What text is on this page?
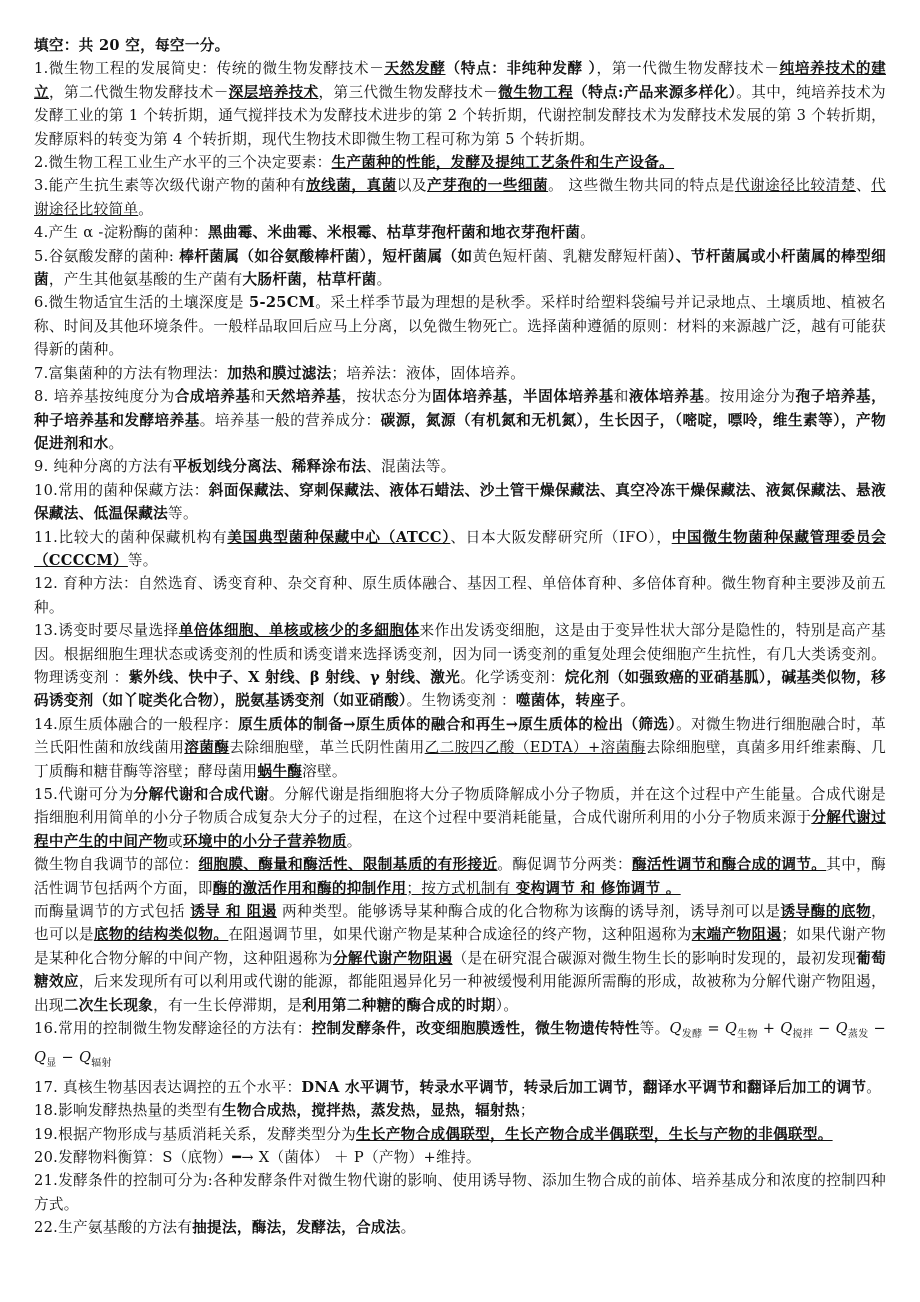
填空：共 20 空，每空一分。

1.微生物工程的发展简史：传统的微生物发酵技术－天然发酵（特点：非纯种发酵 ），第一代微生物发酵技术－纯培养技术的建立，第二代微生物发酵技术－深层培养技术，第三代微生物发酵技术－微生物工程（特点:产品来源多样化）。其中，纯培养技术为发酵工业的第 1 个转折期，通气搅拌技术为发酵技术进步的第 2 个转折期，代谢控制发酵技术为发酵技术发展的第 3 个转折期，发酵原料的转变为第 4 个转折期，现代生物技术即微生物工程可称为第 5 个转折期。

2.微生物工程工业生产水平的三个决定要素：生产菌种的性能，发酵及提纯工艺条件和生产设备。

3.能产生抗生素等次级代谢产物的菌种有放线菌，真菌以及产芽孢的一些细菌。 这些微生物共同的特点是代谢途径比较清楚、代谢途径比较简单。

4.产生 α -淀粉酶的菌种：黑曲霉、米曲霉、米根霉、枯草芽孢杆菌和地衣芽孢杆菌。

5.谷氨酸发酵的菌种: 棒杆菌属（如谷氨酸棒杆菌），短杆菌属（如黄色短杆菌、乳糖发酵短杆菌）、节杆菌属或小杆菌属的棒型细菌，产生其他氨基酸的生产菌有大肠杆菌，枯草杆菌。

6.微生物适宜生活的土壤深度是 5-25CM。采土样季节最为理想的是秋季。采样时给塑料袋编号并记录地点、土壤质地、植被名称、时间及其他环境条件。一般样品取回后应马上分离，以免微生物死亡。选择菌种遵循的原则：材料的来源越广泛，越有可能获得新的菌种。

7.富集菌种的方法有物理法：加热和膜过滤法；培养法：液体，固体培养。

8. 培养基按纯度分为合成培养基和天然培养基，按状态分为固体培养基，半固体培养基和液体培养基。按用途分为孢子培养基，种子培养基和发酵培养基。培养基一般的营养成分：碳源，氮源（有机氮和无机氮），生长因子，（嘧啶，嘌呤，维生素等），产物促进剂和水。

9. 纯种分离的方法有平板划线分离法、稀释涂布法、混菌法等。

10.常用的菌种保藏方法：斜面保藏法、穿刺保藏法、液体石蜡法、沙土管干燥保藏法、真空冷冻干燥保藏法、液氮保藏法、悬液保藏法、低温保藏法等。

11.比较大的菌种保藏机构有美国典型菌种保藏中心（ATCC）、日本大阪发酵研究所（IFO），中国微生物菌种保藏管理委员会（CCCCM）等。

12. 育种方法：自然选育、诱变育种、杂交育种、原生质体融合、基因工程、单倍体育种、多倍体育种。微生物育种主要涉及前五种。

13.诱变时要尽量选择单倍体细胞、单核或核少的多細胞体来作出发诱变细胞，这是由于变异性状大部分是隐性的，特别是高产基因。根据细胞生理状态或诱变剂的性质和诱变谱来选择诱变剂，因为同一诱变剂的重复处理会使细胞产生抗性，有几大类诱变剂。物理诱变剂 ：紫外线、快中子、X 射线、β 射线、γ 射线、激光。化学诱变剂：烷化剂（如强致癌的亚硝基胍），碱基类似物，移码诱变剂（如丫啶类化合物），脱氨基诱变剂（如亚硝酸）。生物诱变剂 ：噬菌体，转座子。

14.原生质体融合的一般程序：原生质体的制备→原生质体的融合和再生→原生质体的检出（筛选）。对微生物进行细胞融合时，革兰氏阳性菌和放线菌用溶菌酶去除细胞壁，革兰氏阴性菌用乙二胺四乙酸（EDTA）+溶菌酶去除细胞壁，真菌多用纤维素酶、几丁质酶和糖苷酶等溶壁；酵母菌用蜗牛酶溶壁。

15.代谢可分为分解代谢和合成代谢。分解代谢是指细胞将大分子物质降解成小分子物质，并在这个过程中产生能量。合成代谢是指细胞利用简单的小分子物质合成复杂大分子的过程，在这个过程中要消耗能量，合成代谢所利用的小分子物质来源于分解代谢过程中产生的中间产物或环境中的小分子营养物质。

微生物自我调节的部位：细胞膜、酶量和酶活性、限制基质的有形接近。酶促调节分两类：酶活性调节和酶合成的调节。其中，酶活性调节包括两个方面，即酶的激活作用和酶的抑制作用；按方式机制有 变构调节 和 修饰调节 。

而酶量调节的方式包括 诱导 和 阻遏 两种类型。能够诱导某种酶合成的化合物称为该酶的诱导剂，诱导剂可以是诱导酶的底物，也可以是底物的结构类似物。在阻遏调节里，如果代谢产物是某种合成途径的终产物，这种阻遏称为末端产物阻遏；如果代谢产物是某种化合物分解的中间产物，这种阻遏称为分解代谢产物阻遏（是在研究混合碳源对微生物生长的影响时发现的，最初发现葡萄糖效应，后来发现所有可以利用或代谢的能源，都能阻遏异化另一种被缓慢利用能源所需酶的形成，故被称为分解代谢产物阻遏，出现二次生长现象，有一生长停滞期，是利用第二种糖的酶合成的时期）。

16.常用的控制微生物发酵途径的方法有：控制发酵条件，改变细胞膜透性，微生物遗传特性等。$Q_{发酵} = Q_{生物} + Q_{搅拌} - Q_{蒸发} - Q_显 - Q_{辐射}$

17. 真核生物基因表达调控的五个水平：DNA 水平调节，转录水平调节，转录后加工调节，翻译水平调节和翻译后加工的调节。

18.影响发酵热热量的类型有生物合成热，搅拌热，蒸发热，显热，辐射热；

19.根据产物形成与基质消耗关系，发酵类型分为生长产物合成偶联型，生长产物合成半偶联型，生长与产物的非偶联型。

20.发酵物料衡算：S（底物）━→ X（菌体） ＋ P（产物）+维持。

21.发酵条件的控制可分为:各种发酵条件对微生物代谢的影响、使用诱导物、添加生物合成的前体、培养基成分和浓度的控制四种方式。

22.生产氨基酸的方法有抽提法，酶法，发酵法，合成法。
